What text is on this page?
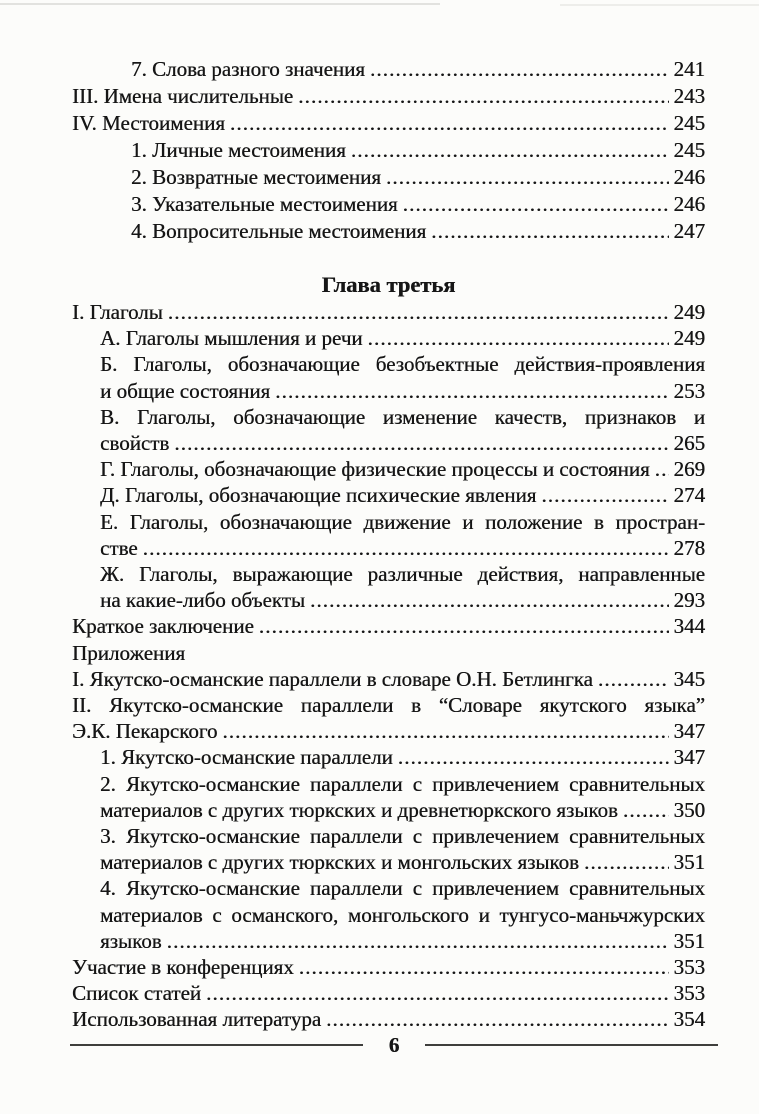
7. Слова разного значения .....	241
III. Имена числительные .....	243
IV. Местоимения .....	245
1. Личные местоимения .....	245
2. Возвратные местоимения .....	246
3. Указательные местоимения .....	246
4. Вопросительные местоимения .....	247
Глава третья
I. Глаголы .....	249
А. Глаголы мышления и речи .....	249
Б. Глаголы, обозначающие безобъектные действия-проявления
и общие состояния .....	253
В. Глаголы, обозначающие изменение качеств, признаков и
свойств .....	265
Г. Глаголы, обозначающие физические процессы и состояния ..... 269
Д. Глаголы, обозначающие психические явления .....	274
Е. Глаголы, обозначающие движение и положение в простран-
стве .....	278
Ж. Глаголы, выражающие различные действия, направленные
на какие-либо объекты .....	293
Краткое заключение .....	344
Приложения
I. Якутско-османские параллели в словаре О.Н. Бетлингка .....	345
II. Якутско-османские параллели в “Словаре якутского языка”
Э.К. Пекарского .....	347
1. Якутско-османские параллели .....	347
2. Якутско-османские параллели с привлечением сравнительных
материалов с других тюркских и древнетюркского языков .....	350
3. Якутско-османские параллели с привлечением сравнительных
материалов с других тюркских и монгольских языков .....	351
4. Якутско-османские параллели с привлечением сравнительных
материалов с османского, монгольского и тунгусо-маньчжурских
языков .....	351
Участие в конференциях .....	353
Список статей .....	353
Использованная литература .....	354
6
